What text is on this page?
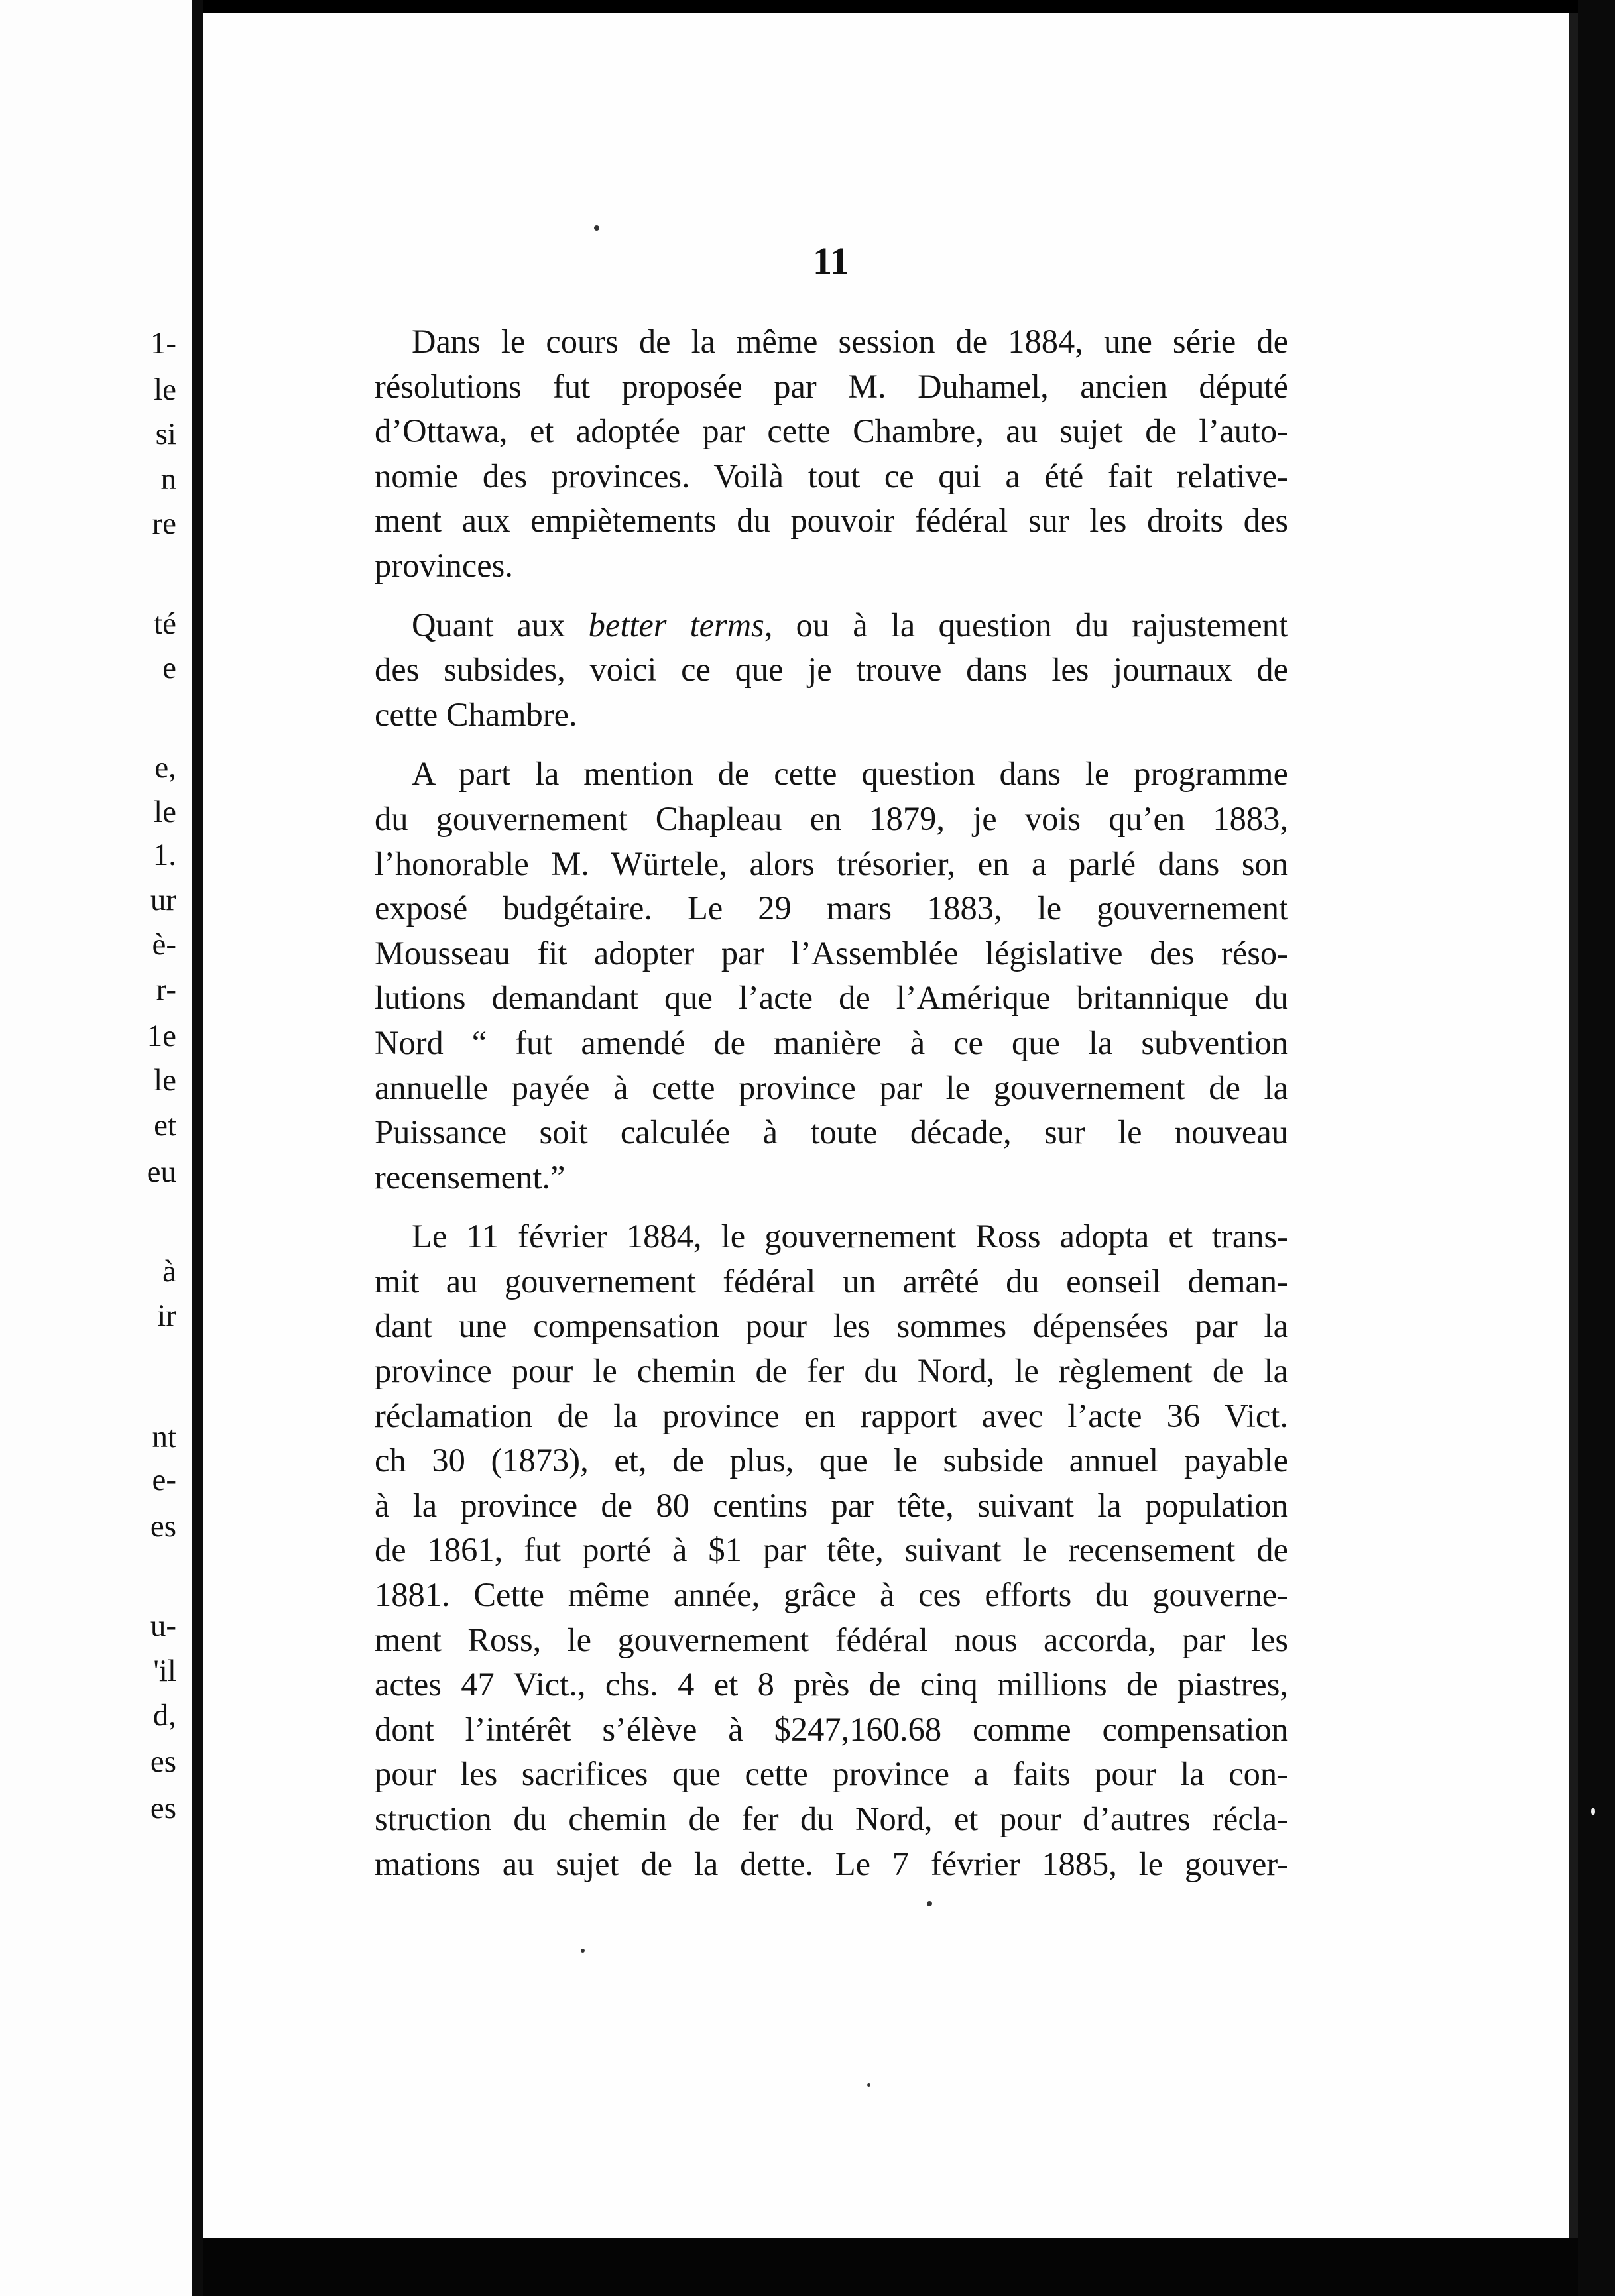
1-
le
si
n
re
té
e
e,
le
1.
ur
è-
r-
1e
le
et
eu
à
ir
nt
e-
es
u-
'il
d,
es
es
11

Dans le cours de la même session de 1884, une série de
résolutions fut proposée par M. Duhamel, ancien député
d’Ottawa, et adoptée par cette Chambre, au sujet de l’auto-
nomie des provinces. Voilà tout ce qui a été fait relative-
ment aux empiètements du pouvoir fédéral sur les droits des
provinces.

Quant aux better terms, ou à la question du rajustement
des subsides, voici ce que je trouve dans les journaux de
cette Chambre.

A part la mention de cette question dans le programme
du gouvernement Chapleau en 1879, je vois qu’en 1883,
l’honorable M. Würtele, alors trésorier, en a parlé dans son
exposé budgétaire. Le 29 mars 1883, le gouvernement
Mousseau fit adopter par l’Assemblée législative des réso-
lutions demandant que l’acte de l’Amérique britannique du
Nord “ fut amendé de manière à ce que la subvention
annuelle payée à cette province par le gouvernement de la
Puissance soit calculée à toute décade, sur le nouveau
recensement.”

Le 11 février 1884, le gouvernement Ross adopta et trans-
mit au gouvernement fédéral un arrêté du eonseil deman-
dant une compensation pour les sommes dépensées par la
province pour le chemin de fer du Nord, le règlement de la
réclamation de la province en rapport avec l’acte 36 Vict.
ch 30 (1873), et, de plus, que le subside annuel payable
à la province de 80 centins par tête, suivant la population
de 1861, fut porté à $1 par tête, suivant le recensement de
1881. Cette même année, grâce à ces efforts du gouverne-
ment Ross, le gouvernement fédéral nous accorda, par les
actes 47 Vict., chs. 4 et 8 près de cinq millions de piastres,
dont l’intérêt s’élève à $247,160.68 comme compensation
pour les sacrifices que cette province a faits pour la con-
struction du chemin de fer du Nord, et pour d’autres récla-
mations au sujet de la dette. Le 7 février 1885, le gouver-
